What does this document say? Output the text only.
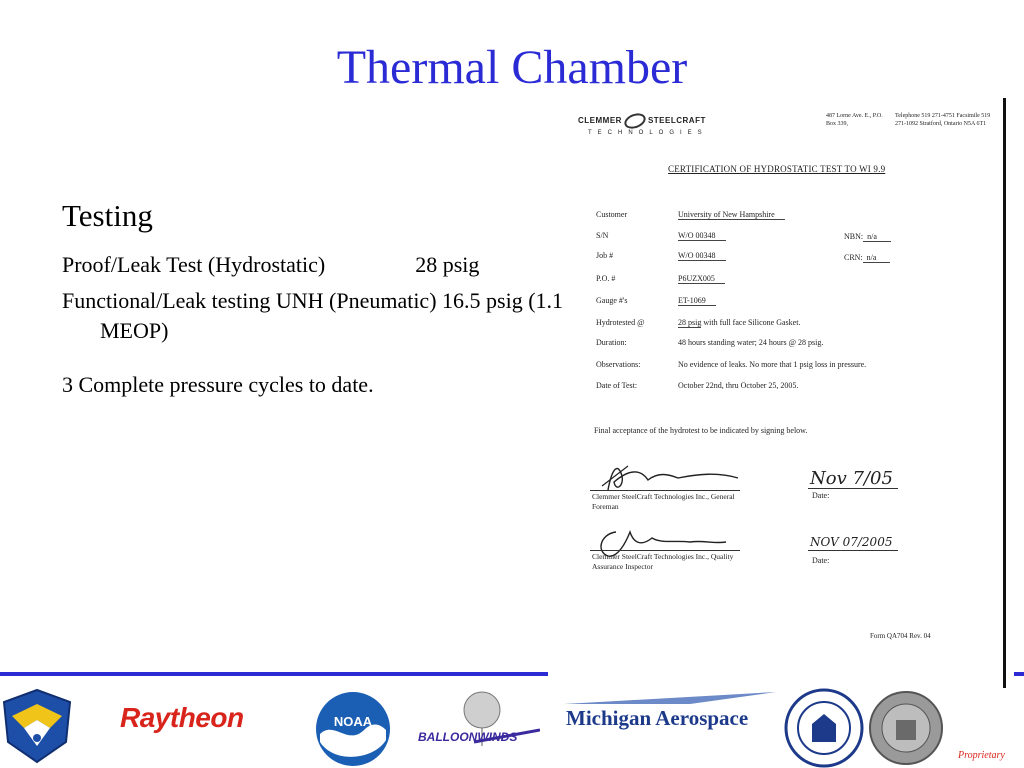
Thermal Chamber
Testing
Proof/Leak Test (Hydrostatic)	28 psig
Functional/Leak testing UNH (Pneumatic) 16.5 psig (1.1 MEOP)
3 Complete pressure cycles to date.
CLEMMER	STEELCRAFT
TECHNOLOGIES
487 Lorne Ave. E., P.O. Box 339,
Telephone 519 271-4751 Facsimile 519 271-1092 Stratford, Ontario N5A 6T1
CERTIFICATION OF HYDROSTATIC TEST TO WI 9.9
Customer	University of New Hampshire
S/N	W/O 00348
Job #	W/O 00348
P.O. #	P6UZX005
Gauge #'s	ET-1069
Hydrotested @	28 psig with full face Silicone Gasket.
Duration:	48 hours standing water; 24 hours @ 28 psig.
Observations:	No evidence of leaks. No more that 1 psig loss in pressure.
Date of Test:	October 22nd, thru October 25, 2005.
NBN: n/a
CRN: n/a
Final acceptance of the hydrotest to be indicated by signing below.
Clemmer SteelCraft Technologies Inc., General Foreman
Nov 7/05
Date:
Clemmer SteelCraft Technologies Inc., Quality Assurance Inspector
NOV 07/2005
Date:
Form QA704 Rev. 04
Raytheon	NOAA
BALLOONWINDS
Michigan Aerospace
Proprietary
